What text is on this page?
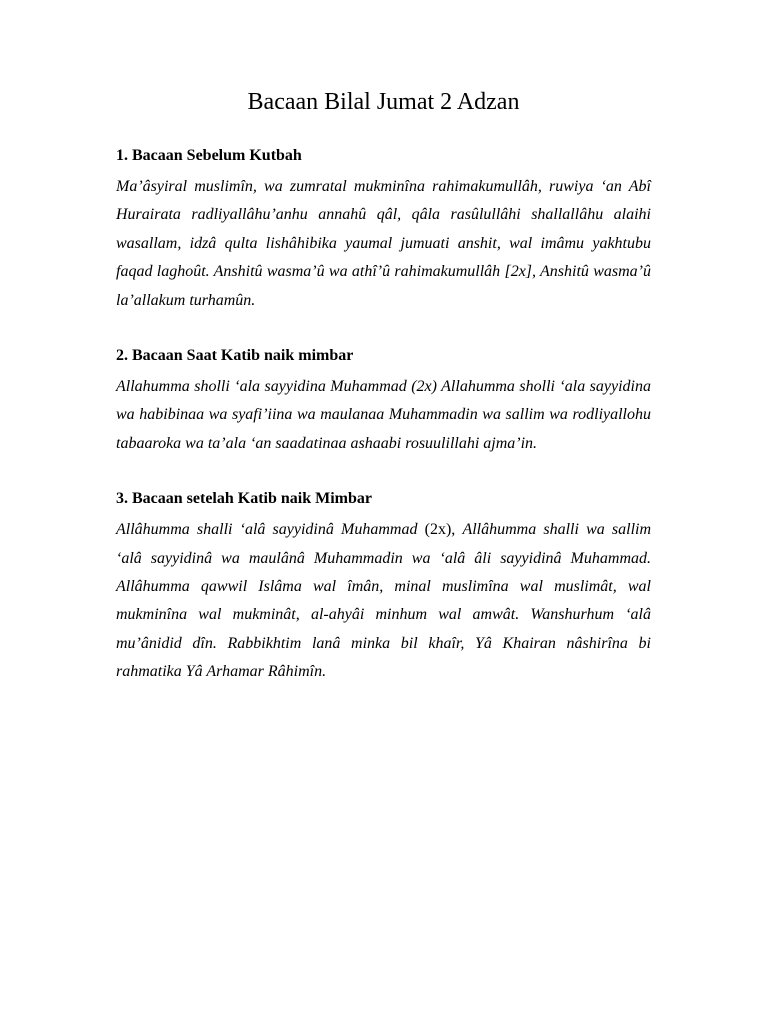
Bacaan Bilal Jumat 2 Adzan

1. Bacaan Sebelum Kutbah

Ma’âsyiral muslimîn, wa zumratal mukminîna rahimakumullâh, ruwiya ‘an Abî Hurairata radliyallâhu’anhu annahû qâl, qâla rasûlullâhi shallallâhu alaihi wasallam, idzâ qulta lishâhibika yaumal jumuati anshit, wal imâmu yakhtubu faqad laghoût. Anshitû wasma’û wa athî’û rahimakumullâh [2x], Anshitû wasma’û la’allakum turhamûn.

2. Bacaan Saat Katib naik mimbar

Allahumma sholli ‘ala sayyidina Muhammad (2x) Allahumma sholli ‘ala sayyidina wa habibinaa wa syafi’iina wa maulanaa Muhammadin wa sallim wa rodliyallohu tabaaroka wa ta’ala ‘an saadatinaa ashaabi rosuulillahi ajma’in.

3. Bacaan setelah Katib naik Mimbar

Allâhumma shalli ‘alâ sayyidinâ Muhammad (2x), Allâhumma shalli wa sallim ‘alâ sayyidinâ wa maulânâ Muhammadin wa ‘alâ âli sayyidinâ Muhammad. Allâhumma qawwil Islâma wal îmân, minal muslimîna wal muslimât, wal mukminîna wal mukminât, al-ahyâi minhum wal amwât. Wanshurhum ‘alâ mu’ânidid dîn. Rabbikhtim lanâ minka bil khaîr, Yâ Khairan nâshirîna bi rahmatika Yâ Arhamar Râhimîn.
